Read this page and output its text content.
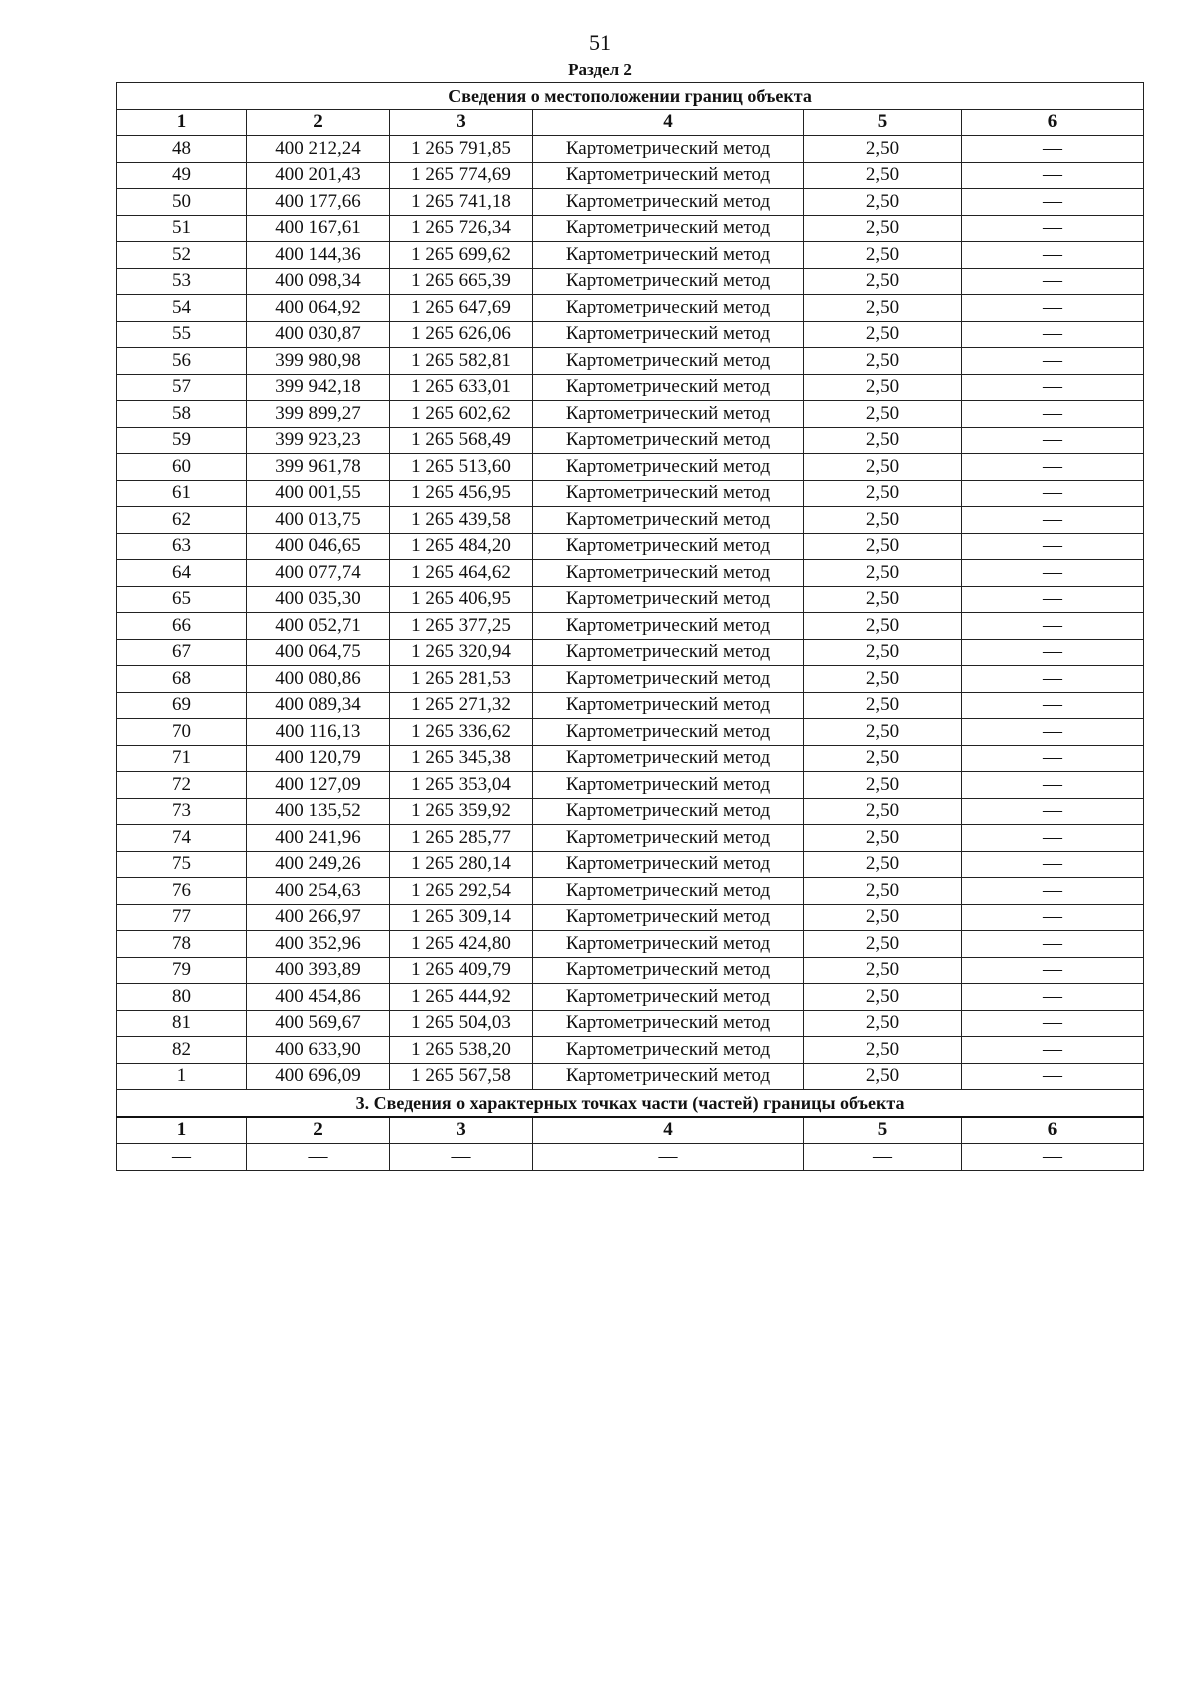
51
Раздел 2
Сведения о местоположении границ объекта					
1	2	3	4	5	6
48	400 212,24	1 265 791,85	Картометрический метод	2,50	—
49	400 201,43	1 265 774,69	Картометрический метод	2,50	—
50	400 177,66	1 265 741,18	Картометрический метод	2,50	—
51	400 167,61	1 265 726,34	Картометрический метод	2,50	—
52	400 144,36	1 265 699,62	Картометрический метод	2,50	—
53	400 098,34	1 265 665,39	Картометрический метод	2,50	—
54	400 064,92	1 265 647,69	Картометрический метод	2,50	—
55	400 030,87	1 265 626,06	Картометрический метод	2,50	—
56	399 980,98	1 265 582,81	Картометрический метод	2,50	—
57	399 942,18	1 265 633,01	Картометрический метод	2,50	—
58	399 899,27	1 265 602,62	Картометрический метод	2,50	—
59	399 923,23	1 265 568,49	Картометрический метод	2,50	—
60	399 961,78	1 265 513,60	Картометрический метод	2,50	—
61	400 001,55	1 265 456,95	Картометрический метод	2,50	—
62	400 013,75	1 265 439,58	Картометрический метод	2,50	—
63	400 046,65	1 265 484,20	Картометрический метод	2,50	—
64	400 077,74	1 265 464,62	Картометрический метод	2,50	—
65	400 035,30	1 265 406,95	Картометрический метод	2,50	—
66	400 052,71	1 265 377,25	Картометрический метод	2,50	—
67	400 064,75	1 265 320,94	Картометрический метод	2,50	—
68	400 080,86	1 265 281,53	Картометрический метод	2,50	—
69	400 089,34	1 265 271,32	Картометрический метод	2,50	—
70	400 116,13	1 265 336,62	Картометрический метод	2,50	—
71	400 120,79	1 265 345,38	Картометрический метод	2,50	—
72	400 127,09	1 265 353,04	Картометрический метод	2,50	—
73	400 135,52	1 265 359,92	Картометрический метод	2,50	—
74	400 241,96	1 265 285,77	Картометрический метод	2,50	—
75	400 249,26	1 265 280,14	Картометрический метод	2,50	—
76	400 254,63	1 265 292,54	Картометрический метод	2,50	—
77	400 266,97	1 265 309,14	Картометрический метод	2,50	—
78	400 352,96	1 265 424,80	Картометрический метод	2,50	—
79	400 393,89	1 265 409,79	Картометрический метод	2,50	—
80	400 454,86	1 265 444,92	Картометрический метод	2,50	—
81	400 569,67	1 265 504,03	Картометрический метод	2,50	—
82	400 633,90	1 265 538,20	Картометрический метод	2,50	—
1	400 696,09	1 265 567,58	Картометрический метод	2,50	—
3. Сведения о характерных точках части (частей) границы объекта					
1	2	3	4	5	6
—	—	—	—	—	—
